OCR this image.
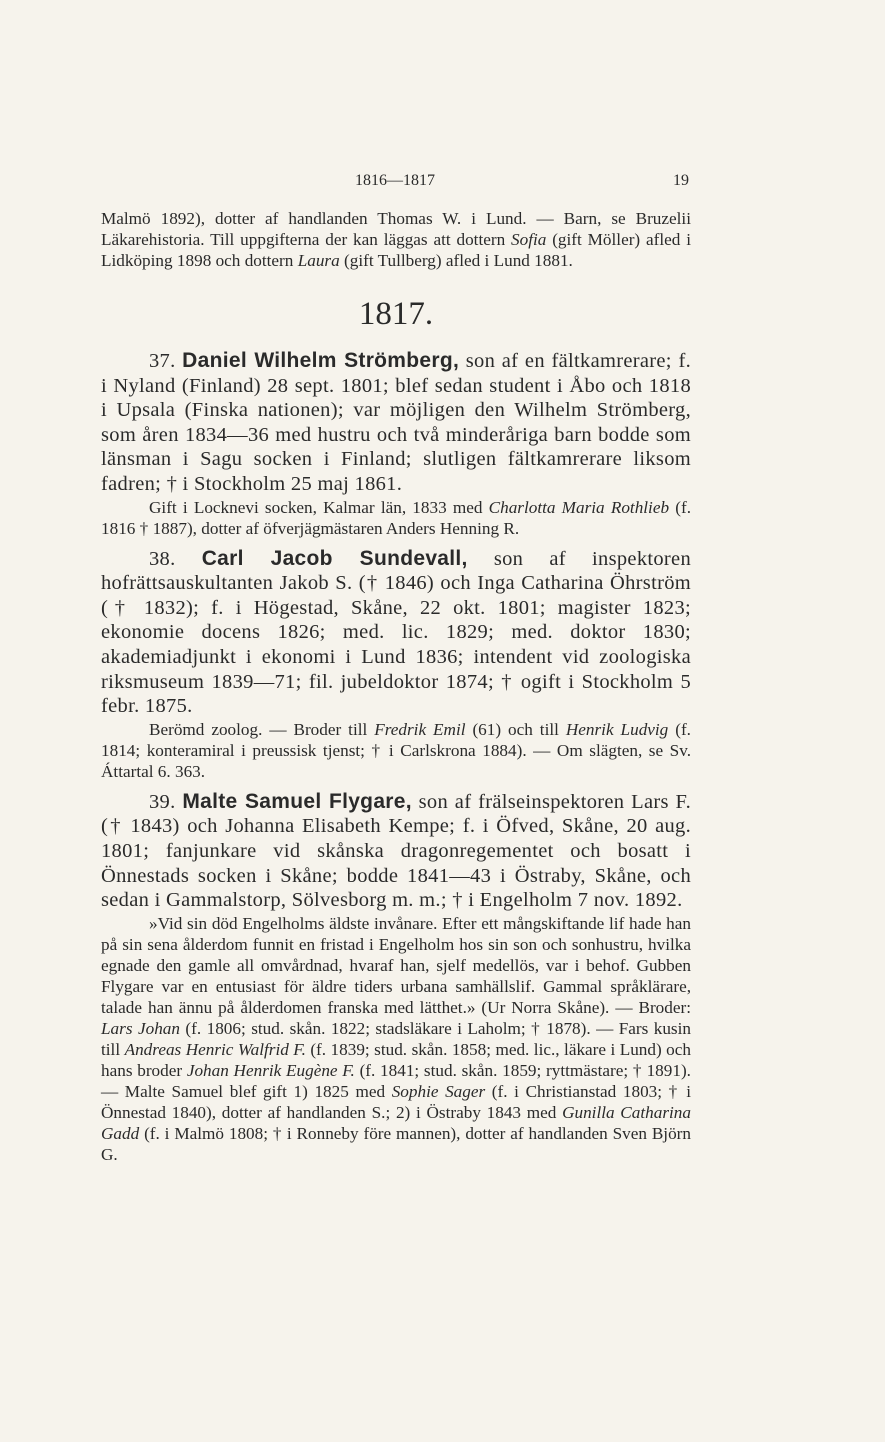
1816—1817	19

Malmö 1892), dotter af handlanden Thomas W. i Lund. — Barn, se Bruzelii Läkarehistoria. Till uppgifterna der kan läggas att dottern Sofia (gift Möller) afled i Lidköping 1898 och dottern Laura (gift Tullberg) afled i Lund 1881.

1817.

37. Daniel Wilhelm Strömberg, son af en fältkamrerare; f. i Nyland (Finland) 28 sept. 1801; blef sedan student i Åbo och 1818 i Upsala (Finska nationen); var möjligen den Wilhelm Strömberg, som åren 1834—36 med hustru och två minderåriga barn bodde som länsman i Sagu socken i Finland; slutligen fältkamrerare liksom fadren; † i Stockholm 25 maj 1861.

Gift i Locknevi socken, Kalmar län, 1833 med Charlotta Maria Rothlieb (f. 1816 † 1887), dotter af öfverjägmästaren Anders Henning R.

38. Carl Jacob Sundevall, son af inspektoren hofrättsauskultanten Jakob S. († 1846) och Inga Catharina Öhrström († 1832); f. i Högestad, Skåne, 22 okt. 1801; magister 1823; ekonomie docens 1826; med. lic. 1829; med. doktor 1830; akademiadjunkt i ekonomi i Lund 1836; intendent vid zoologiska riksmuseum 1839—71; fil. jubeldoktor 1874; † ogift i Stockholm 5 febr. 1875.

Berömd zoolog. — Broder till Fredrik Emil (61) och till Henrik Ludvig (f. 1814; konteramiral i preussisk tjenst; † i Carlskrona 1884). — Om slägten, se Sv. Áttartal 6. 363.

39. Malte Samuel Flygare, son af frälseinspektoren Lars F. († 1843) och Johanna Elisabeth Kempe; f. i Öfved, Skåne, 20 aug. 1801; fanjunkare vid skånska dragonregementet och bosatt i Önnestads socken i Skåne; bodde 1841—43 i Östraby, Skåne, och sedan i Gammalstorp, Sölvesborg m. m.; † i Engelholm 7 nov. 1892.

»Vid sin död Engelholms äldste invånare. Efter ett mångskiftande lif hade han på sin sena ålderdom funnit en fristad i Engelholm hos sin son och sonhustru, hvilka egnade den gamle all omvårdnad, hvaraf han, sjelf medellös, var i behof. Gubben Flygare var en entusiast för äldre tiders urbana samhällslif. Gammal språklärare, talade han ännu på ålderdomen franska med lätthet.» (Ur Norra Skåne). — Broder: Lars Johan (f. 1806; stud. skån. 1822; stadsläkare i Laholm; † 1878). — Fars kusin till Andreas Henric Walfrid F. (f. 1839; stud. skån. 1858; med. lic., läkare i Lund) och hans broder Johan Henrik Eugène F. (f. 1841; stud. skån. 1859; ryttmästare; † 1891). — Malte Samuel blef gift 1) 1825 med Sophie Sager (f. i Christianstad 1803; † i Önnestad 1840), dotter af handlanden S.; 2) i Östraby 1843 med Gunilla Catharina Gadd (f. i Malmö 1808; † i Ronneby före mannen), dotter af handlanden Sven Björn G.
